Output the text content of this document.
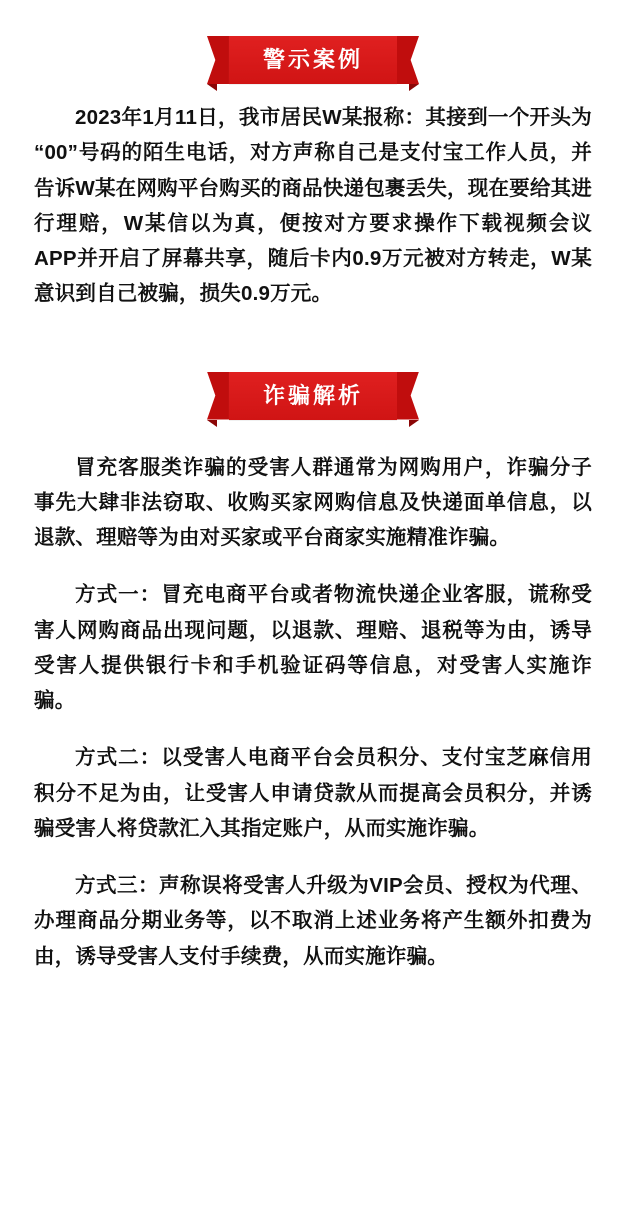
警示案例

2023年1月11日，我市居民W某报称：其接到一个开头为“00”号码的陌生电话，对方声称自己是支付宝工作人员，并告诉W某在网购平台购买的商品快递包裹丢失，现在要给其进行理赔，W某信以为真，便按对方要求操作下载视频会议APP并开启了屏幕共享，随后卡内0.9万元被对方转走，W某意识到自己被骗，损失0.9万元。

诈骗解析

冒充客服类诈骗的受害人群通常为网购用户，诈骗分子事先大肆非法窃取、收购买家网购信息及快递面单信息，以退款、理赔等为由对买家或平台商家实施精准诈骗。

方式一：冒充电商平台或者物流快递企业客服，谎称受害人网购商品出现问题，以退款、理赔、退税等为由，诱导受害人提供银行卡和手机验证码等信息，对受害人实施诈骗。

方式二：以受害人电商平台会员积分、支付宝芝麻信用积分不足为由，让受害人申请贷款从而提高会员积分，并诱骗受害人将贷款汇入其指定账户，从而实施诈骗。

方式三：声称误将受害人升级为VIP会员、授权为代理、办理商品分期业务等，以不取消上述业务将产生额外扣费为由，诱导受害人支付手续费，从而实施诈骗。
